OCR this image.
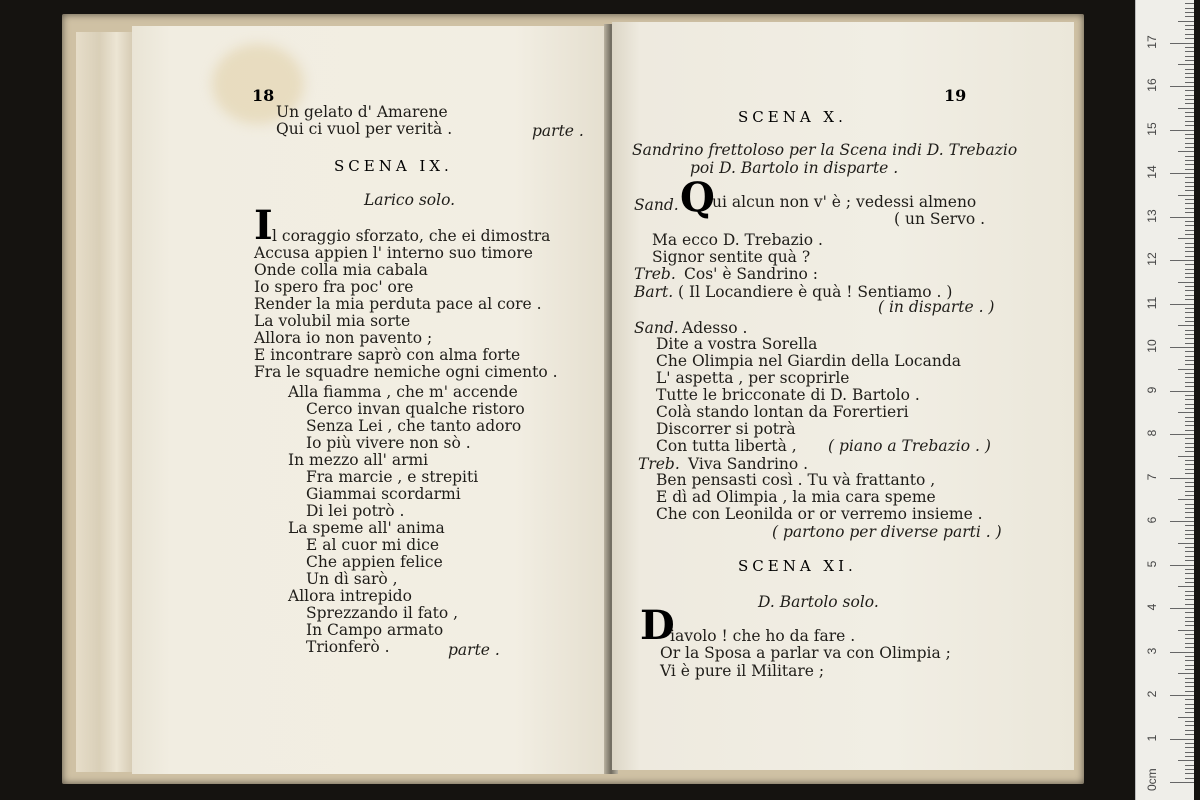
18
Un gelato d' Amarene
Qui ci vuol per verità .	parte .
SCENA IX.
Larico solo.
I l coraggio sforzato, che ei dimostra
Accusa appien l' interno suo timore
Onde colla mia cabala
Io spero fra poc' ore
Render la mia perduta pace al core .
La volubil mia sorte
Allora io non pavento ;
E incontrare saprò con alma forte
Fra le squadre nemiche ogni cimento .
Alla fiamma , che m' accende
Cerco invan qualche ristoro
Senza Lei , che tanto adoro
Io più vivere non sò .
In mezzo all' armi
Fra marcie , e strepiti
Giammai scordarmi
Di lei potrò .
La speme all' anima
E al cuor mi dice
Che appien felice
Un dì sarò ,
Allora intrepido
Sprezzando il fato ,
In Campo armato
Trionferò .	parte .
19
SCENA X.
Sandrino frettoloso per la Scena indi D. Trebazio
poi D. Bartolo in disparte .
Sand. Q
ui alcun non v' è ; vedessi almeno
( un Servo .
Ma ecco D. Trebazio .
Signor sentite quà ?
Treb. Cos' è Sandrino :
Bart. ( Il Locandiere è quà ! Sentiamo . )
( in disparte . )
Sand. Adesso .
Dite a vostra Sorella
Che Olimpia nel Giardin della Locanda
L' aspetta , per scoprirle
Tutte le bricconate di D. Bartolo .
Colà stando lontan da Forertieri
Discorrer si potrà
Con tutta libertà , ( piano a Trebazio . )
Treb. Viva Sandrino .
Ben pensasti così . Tu và frattanto ,
E dì ad Olimpia , la mia cara speme
Che con Leonilda or or verremo insieme .
( partono per diverse parti . )
SCENA XI.
D. Bartolo solo.
D
iavolo ! che ho da fare .
Or la Sposa a parlar va con Olimpia ;
Vi è pure il Militare ;
0cm
1
2
3
4
5
6
7
8
9
10
11
12
13
14
15
16
17
